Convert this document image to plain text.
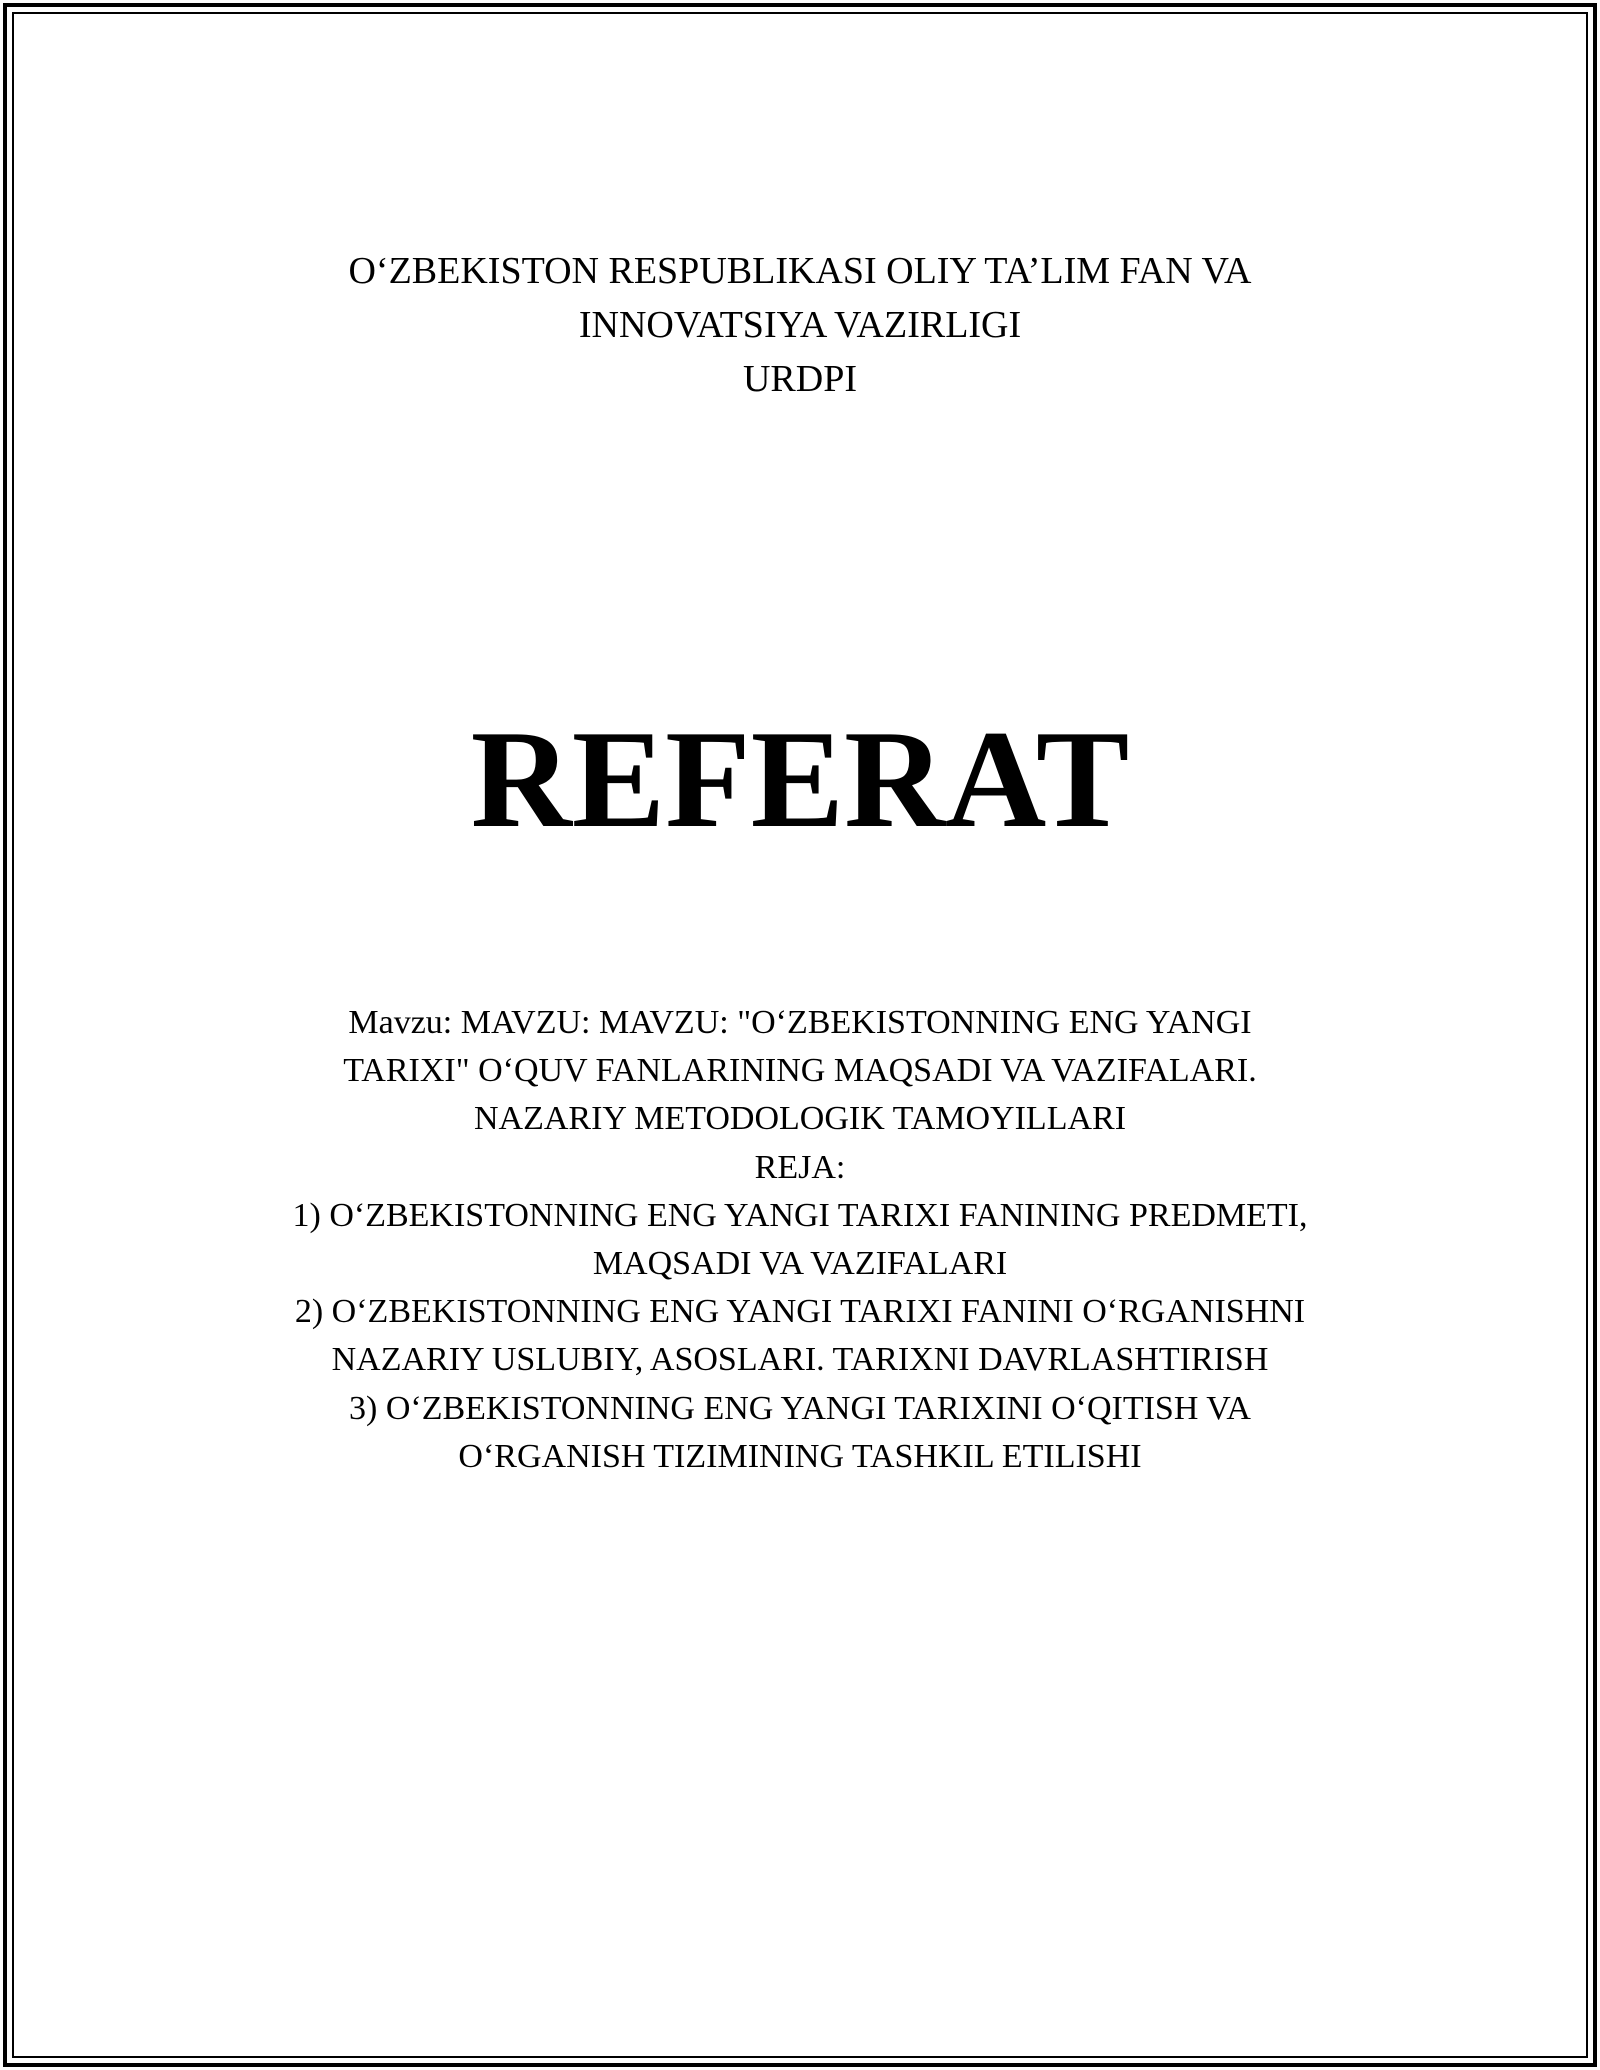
O‘ZBEKISTON RESPUBLIKASI OLIY TA’LIM FAN VA
INNOVATSIYA VAZIRLIGI
URDPI
REFERAT
Mavzu: MAVZU: MAVZU: "O‘ZBEKISTONNING ENG YANGI
TARIXI" O‘QUV FANLARINING MAQSADI VA VAZIFALARI.
NAZARIY METODOLOGIK TAMOYILLARI
REJA:
1) O‘ZBEKISTONNING ENG YANGI TARIXI FANINING PREDMETI,
MAQSADI VA VAZIFALARI
2) O‘ZBEKISTONNING ENG YANGI TARIXI FANINI O‘RGANISHNI
NAZARIY USLUBIY, ASOSLARI. TARIXNI DAVRLASHTIRISH
3) O‘ZBEKISTONNING ENG YANGI TARIXINI O‘QITISH VA
O‘RGANISH TIZIMINING TASHKIL ETILISHI
